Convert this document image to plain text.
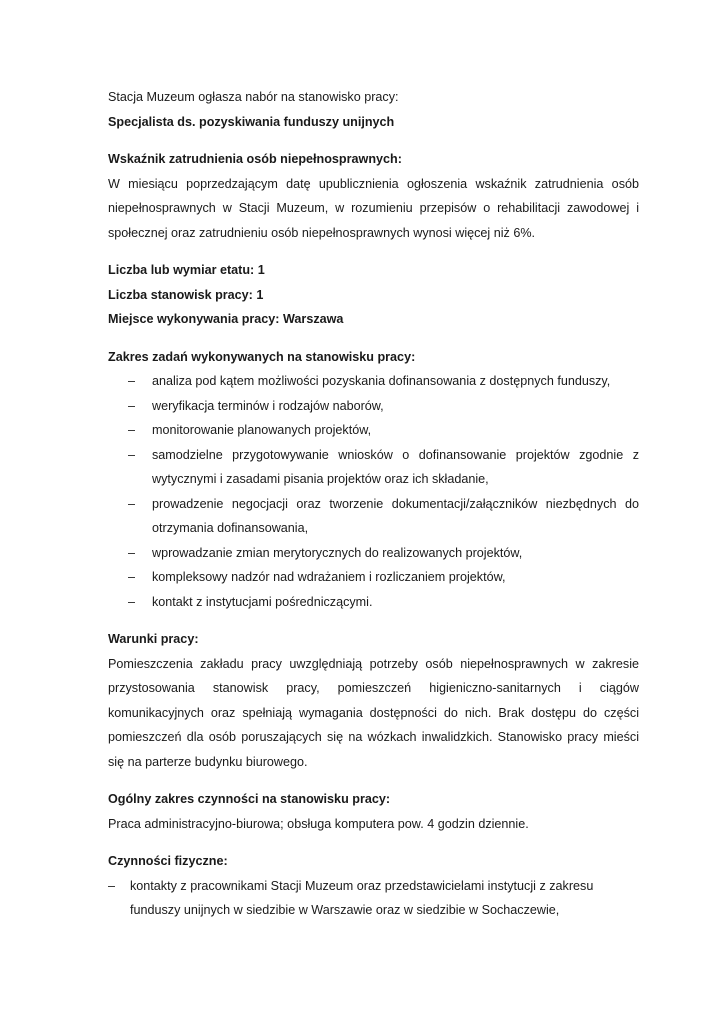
Stacja Muzeum ogłasza nabór na stanowisko pracy:

Specjalista ds. pozyskiwania funduszy unijnych

Wskaźnik zatrudnienia osób niepełnosprawnych:

W miesiącu poprzedzającym datę upublicznienia ogłoszenia wskaźnik zatrudnienia osób niepełnosprawnych w Stacji Muzeum, w rozumieniu przepisów o rehabilitacji zawodowej i społecznej oraz zatrudnieniu osób niepełnosprawnych wynosi więcej niż 6%.

Liczba lub wymiar etatu: 1

Liczba stanowisk pracy: 1

Miejsce wykonywania pracy: Warszawa

Zakres zadań wykonywanych na stanowisku pracy:

– analiza pod kątem możliwości pozyskania dofinansowania z dostępnych funduszy,
– weryfikacja terminów i rodzajów naborów,
– monitorowanie planowanych projektów,
– samodzielne przygotowywanie wniosków o dofinansowanie projektów zgodnie z wytycznymi i zasadami pisania projektów oraz ich składanie,
– prowadzenie negocjacji oraz tworzenie dokumentacji/załączników niezbędnych do otrzymania dofinansowania,
– wprowadzanie zmian merytorycznych do realizowanych projektów,
– kompleksowy nadzór nad wdrażaniem i rozliczaniem projektów,
– kontakt z instytucjami pośredniczącymi.

Warunki pracy:

Pomieszczenia zakładu pracy uwzględniają potrzeby osób niepełnosprawnych w zakresie przystosowania stanowisk pracy, pomieszczeń higieniczno-sanitarnych i ciągów komunikacyjnych oraz spełniają wymagania dostępności do nich. Brak dostępu do części pomieszczeń dla osób poruszających się na wózkach inwalidzkich. Stanowisko pracy mieści się na parterze budynku biurowego.

Ogólny zakres czynności na stanowisku pracy:

Praca administracyjno-biurowa; obsługa komputera pow. 4 godzin dziennie.

Czynności fizyczne:

– kontakty z pracownikami Stacji Muzeum oraz przedstawicielami instytucji z zakresu funduszy unijnych w siedzibie w Warszawie oraz w siedzibie w Sochaczewie,
